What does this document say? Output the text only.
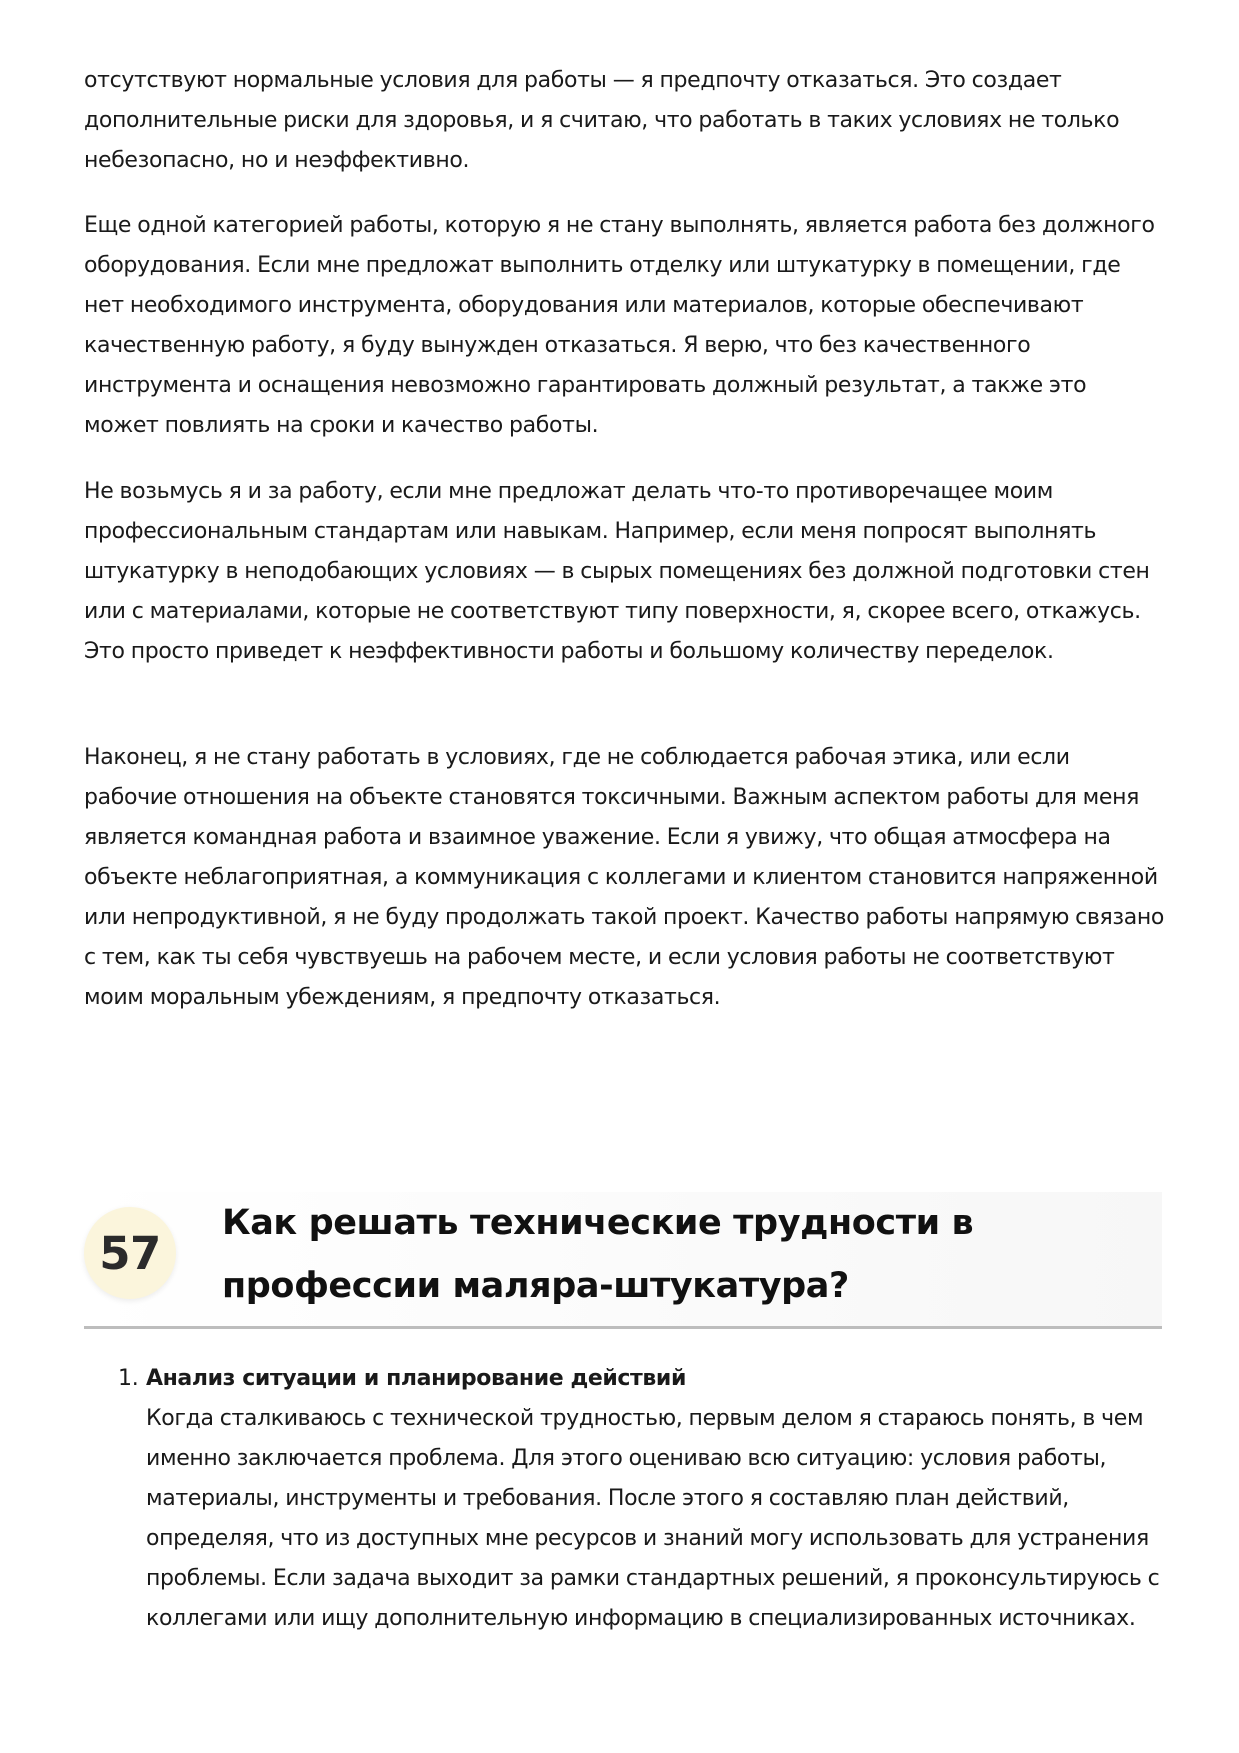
отсутствуют нормальные условия для работы — я предпочту отказаться. Это создает дополнительные риски для здоровья, и я считаю, что работать в таких условиях не только небезопасно, но и неэффективно.

Еще одной категорией работы, которую я не стану выполнять, является работа без должного оборудования. Если мне предложат выполнить отделку или штукатурку в помещении, где нет необходимого инструмента, оборудования или материалов, которые обеспечивают качественную работу, я буду вынужден отказаться. Я верю, что без качественного инструмента и оснащения невозможно гарантировать должный результат, а также это может повлиять на сроки и качество работы.

Не возьмусь я и за работу, если мне предложат делать что-то противоречащее моим профессиональным стандартам или навыкам. Например, если меня попросят выполнять штукатурку в неподобающих условиях — в сырых помещениях без должной подготовки стен или с материалами, которые не соответствуют типу поверхности, я, скорее всего, откажусь. Это просто приведет к неэффективности работы и большому количеству переделок.

Наконец, я не стану работать в условиях, где не соблюдается рабочая этика, или если рабочие отношения на объекте становятся токсичными. Важным аспектом работы для меня является командная работа и взаимное уважение. Если я увижу, что общая атмосфера на объекте неблагоприятная, а коммуникация с коллегами и клиентом становится напряженной или непродуктивной, я не буду продолжать такой проект. Качество работы напрямую связано с тем, как ты себя чувствуешь на рабочем месте, и если условия работы не соответствуют моим моральным убеждениям, я предпочту отказаться.

57
Как решать технические трудности в профессии маляра-штукатура?
1. Анализ ситуации и планирование действий
Когда сталкиваюсь с технической трудностью, первым делом я стараюсь понять, в чем именно заключается проблема. Для этого оцениваю всю ситуацию: условия работы, материалы, инструменты и требования. После этого я составляю план действий, определяя, что из доступных мне ресурсов и знаний могу использовать для устранения проблемы. Если задача выходит за рамки стандартных решений, я проконсультируюсь с коллегами или ищу дополнительную информацию в специализированных источниках.
